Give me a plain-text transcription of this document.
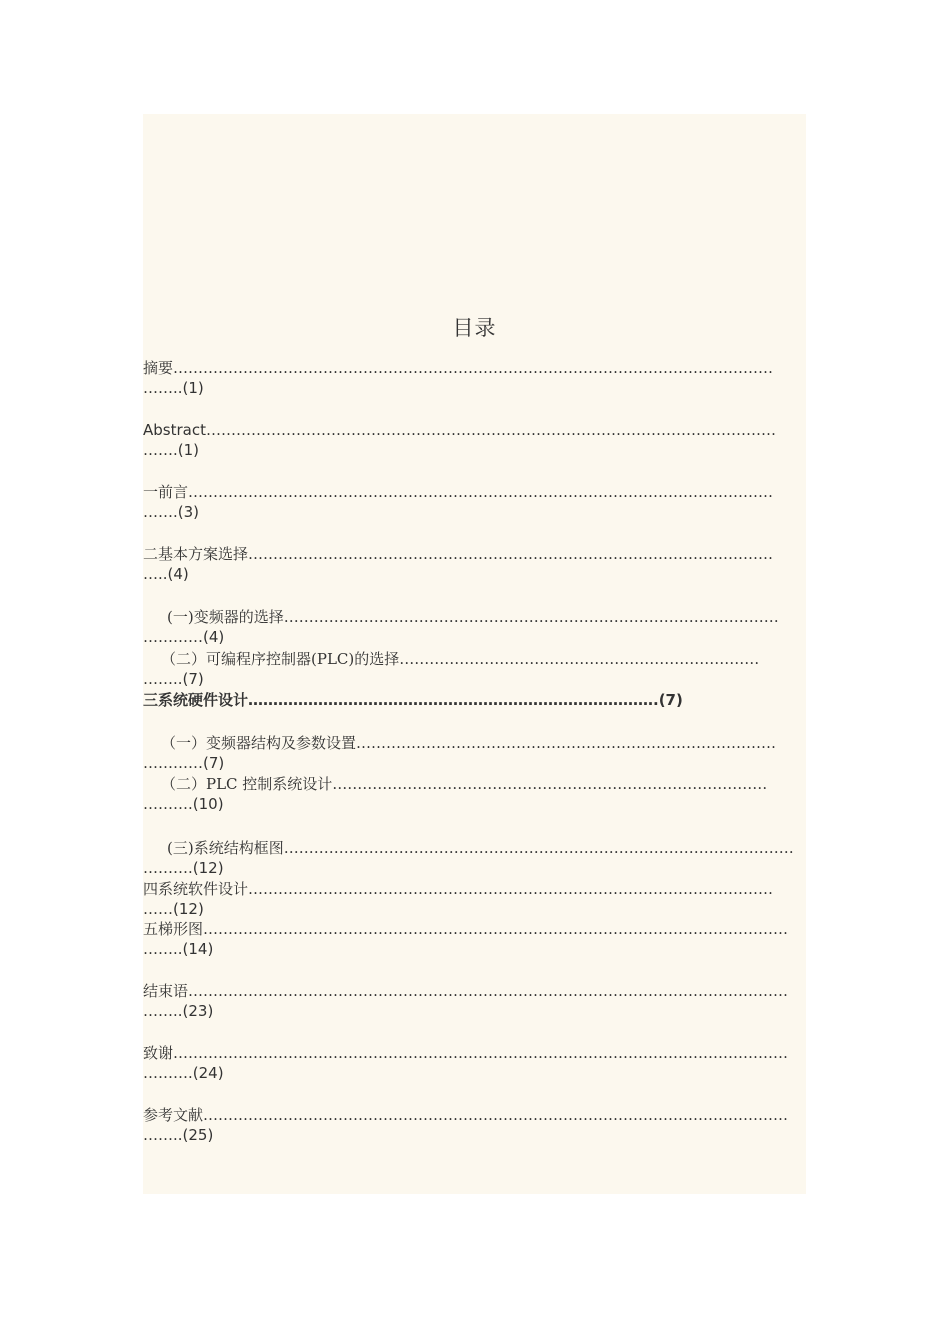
目录
摘要…………………………………………………………………………………………………………
……..(1)
Abstract……………………………………………………………………………………………………
…….(1)
一前言………………………………………………………………………………………………………
…….(3)
二基本方案选择……………………………………………………………………………………………
…..(4)
(一)变频器的选择………………………………………………………………………………………
…………(4)
（二）可编程序控制器(PLC)的选择………………………………………………………………
……..(7)
三系统硬件设计……………………………………………………………………….(7)
（一）变频器结构及参数设置…………………………………………………………………………
…………(7)
（二）PLC 控制系统设计……………………………………………………………………………
……….(10)
(三)系统结构框图…………………………………………………………………………………………
……….(12)
四系统软件设计……………………………………………………………………………………………
……(12)
五梯形图………………………………………………………………………………………………………
……..(14)
结束语…………………………………………………………………………………………………………
……..(23)
致谢……………………………………………………………………………………………………………
……….(24)
参考文献………………………………………………………………………………………………………
……..(25)
